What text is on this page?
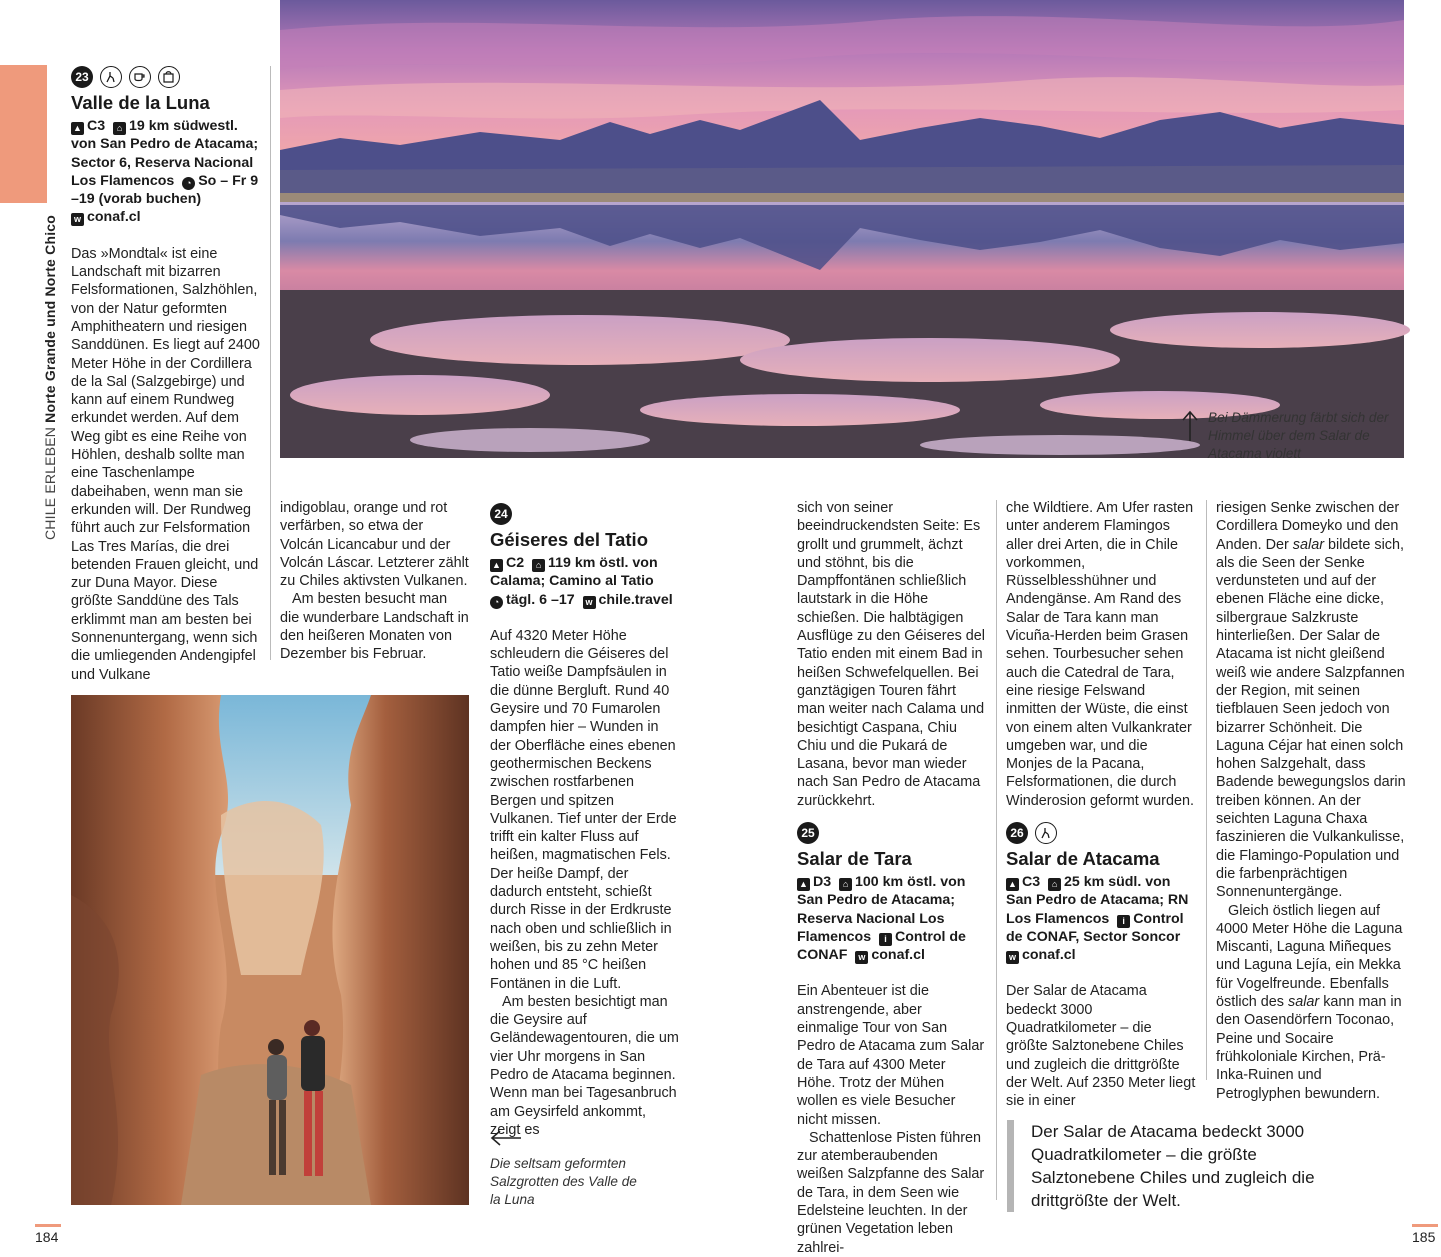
CHILE ERLEBEN Norte Grande und Norte Chico	Bei Dämmerung färbt sich der Himmel über dem Salar de Atacama violett
23

Valle de la Luna
▲ C3 ⌂ 19 km südwestl. von San Pedro de Atacama; Sector 6, Reserva Nacional Los Flamencos ◔ So – Fr 9 –19 (vorab buchen)
w conaf.cl

Das »Mondtal« ist eine Landschaft mit bizarren Felsformationen, Salzhöhlen, von der Natur geformten Amphitheatern und riesigen Sanddünen. Es liegt auf 2400 Meter Höhe in der Cordillera de la Sal (Salzgebirge) und kann auf einem Rundweg erkundet werden. Auf dem Weg gibt es eine Reihe von Höhlen, deshalb sollte man eine Taschenlampe dabeihaben, wenn man sie erkunden will. Der Rundweg führt auch zur Felsformation Las Tres Marías, die drei betenden Frauen gleicht, und zur Duna Mayor. Diese größte Sanddüne des Tals erklimmt man am besten bei Sonnenuntergang, wenn sich die umliegenden Andengipfel und Vulkane

indigoblau, orange und rot verfärben, so etwa der Volcán Licancabur und der Volcán Láscar. Letzterer zählt zu Chiles aktivsten Vulkanen.

Am besten besucht man die wunderbare Landschaft in den heißeren Monaten von Dezember bis Februar.

Die seltsam geformten Salzgrotten des Valle de la Luna
24
Géiseres del Tatio
▲ C2 ⌂ 119 km östl. von Calama; Camino al Tatio
◔ tägl. 6 –17 w chile.travel

Auf 4320 Meter Höhe schleudern die Géiseres del Tatio weiße Dampfsäulen in die dünne Bergluft. Rund 40 Geysire und 70 Fumarolen dampfen hier – Wunden in der Oberfläche eines ebenen geothermischen Beckens zwischen rostfarbenen Bergen und spitzen Vulkanen. Tief unter der Erde trifft ein kalter Fluss auf heißen, magmatischen Fels. Der heiße Dampf, der dadurch entsteht, schießt durch Risse in der Erdkruste nach oben und schließlich in weißen, bis zu zehn Meter hohen und 85 °C heißen Fontänen in die Luft.

Am besten besichtigt man die Geysire auf Geländewagentouren, die um vier Uhr morgens in San Pedro de Atacama beginnen. Wenn man bei Tagesanbruch am Geysirfeld ankommt, zeigt es

sich von seiner beeindruckendsten Seite: Es grollt und grummelt, ächzt und stöhnt, bis die Dampffontänen schließlich lautstark in die Höhe schießen. Die halbtägigen Ausflüge zu den Géiseres del Tatio enden mit einem Bad in heißen Schwefelquellen. Bei ganztägigen Touren fährt man weiter nach Calama und besichtigt Caspana, Chiu Chiu und die Pukará de Lasana, bevor man wieder nach San Pedro de Atacama zurückkehrt.

25
Salar de Tara
▲ D3 ⌂ 100 km östl. von San Pedro de Atacama; Reserva Nacional Los Flamencos i Control de CONAF w conaf.cl

Ein Abenteuer ist die anstrengende, aber einmalige Tour von San Pedro de Atacama zum Salar de Tara auf 4300 Meter Höhe. Trotz der Mühen wollen es viele Besucher nicht missen.

Schattenlose Pisten führen zur atemberaubenden weißen Salzpfanne des Salar de Tara, in dem Seen wie Edelsteine leuchten. In der grünen Vegetation leben zahlrei-

che Wildtiere. Am Ufer rasten unter anderem Flamingos aller drei Arten, die in Chile vorkommen, Rüsselblesshühner und Andengänse. Am Rand des Salar de Tara kann man Vicuña-Herden beim Grasen sehen. Tourbesucher sehen auch die Catedral de Tara, eine riesige Felswand inmitten der Wüste, die einst von einem alten Vulkankrater umgeben war, und die Monjes de la Pacana, Felsformationen, die durch Winderosion geformt wurden.

26
Salar de Atacama
▲ C3 ⌂ 25 km südl. von San Pedro de Atacama; RN Los Flamencos i Control de CONAF, Sector Soncor
w conaf.cl

Der Salar de Atacama bedeckt 3000 Quadratkilometer – die größte Salztonebene Chiles und zugleich die drittgrößte der Welt. Auf 2350 Meter liegt sie in einer

riesigen Senke zwischen der Cordillera Domeyko und den Anden. Der salar bildete sich, als die Seen der Senke verdunsteten und auf der ebenen Fläche eine dicke, silbergraue Salzkruste hinterließen. Der Salar de Atacama ist nicht gleißend weiß wie andere Salzpfannen der Region, mit seinen tiefblauen Seen jedoch von bizarrer Schönheit. Die Laguna Céjar hat einen solch hohen Salzgehalt, dass Badende bewegungslos darin treiben können. An der seichten Laguna Chaxa faszinieren die Vulkankulisse, die Flamingo-Population und die farbenprächtigen Sonnenuntergänge.

Gleich östlich liegen auf 4000 Meter Höhe die Laguna Miscanti, Laguna Miñeques und Laguna Lejía, ein Mekka für Vogelfreunde. Ebenfalls östlich des salar kann man in den Oasendörfern Toconao, Peine und Socaire frühkoloniale Kirchen, Prä-Inka-Ruinen und Petroglyphen bewundern.

Der Salar de Atacama bedeckt 3000 Quadratkilometer – die größte Salztonebene Chiles und zugleich die drittgrößte der Welt.
184	185
